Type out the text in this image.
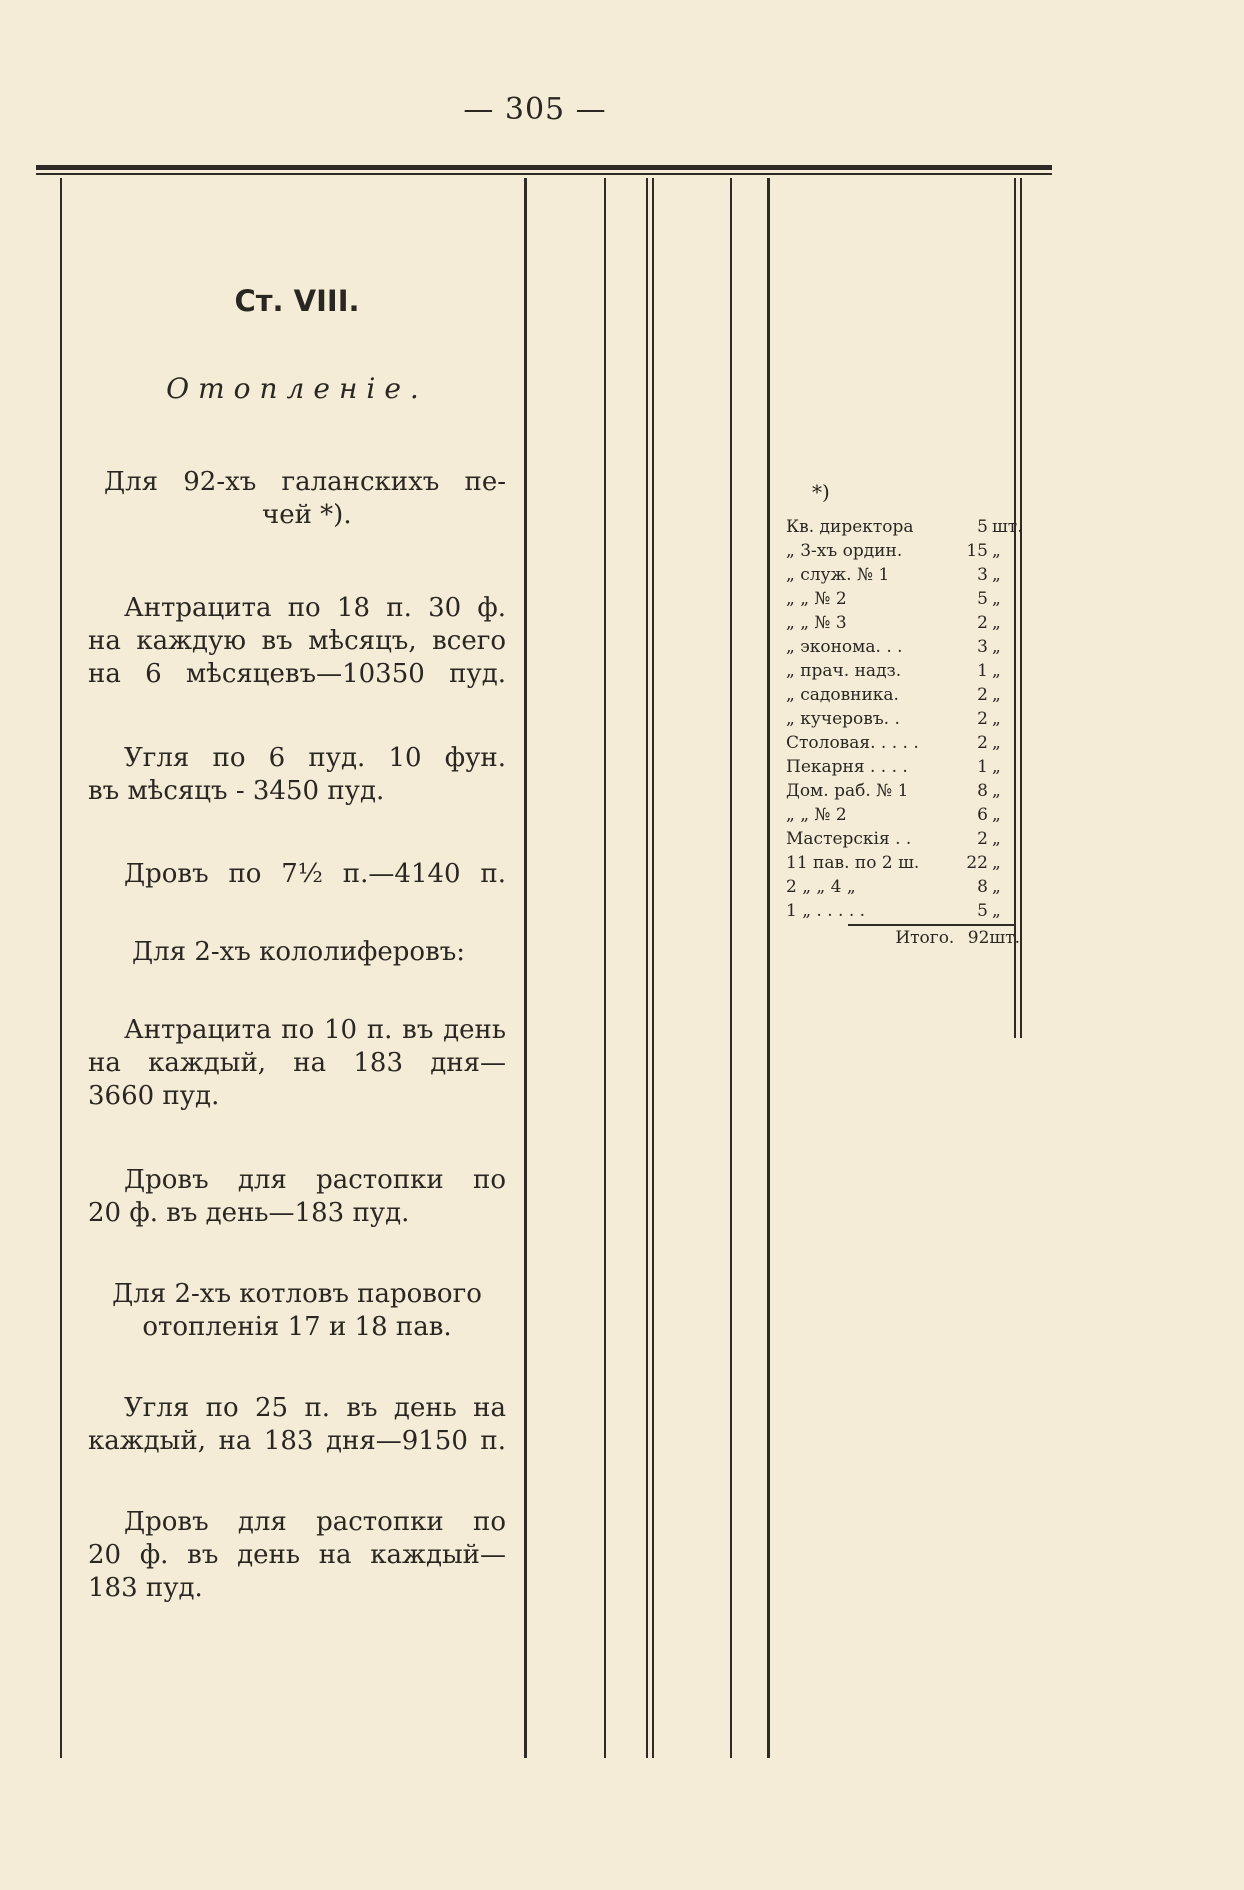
— 305 —
Ст. VIII.
Отопленіе.
Для 92-хъ галанскихъ пе-
чей *).
Антрацита по 18 п. 30 ф.
на каждую въ мѣсяцъ, всего
на 6 мѣсяцевъ—10350 пуд.
Угля по 6 пуд. 10 фун.
въ мѣсяцъ - 3450 пуд.
Дровъ по 7½ п.—4140 п.
Для 2-хъ кололиферовъ:
Антрацита по 10 п. въ день
на каждый, на 183 дня—
3660 пуд.
Дровъ для растопки по
20 ф. въ день—183 пуд.
Для 2-хъ котловъ парового
отопленія 17 и 18 пав.
Угля по 25 п. въ день на
каждый, на 183 дня—9150 п.
Дровъ для растопки по
20 ф. въ день на каждый—
183 пуд.
*)
Кв. директора	5 шт.
„ 3-хъ ордин.	15 „
„ служ. № 1	3 „
„ „ № 2	5 „
„ „ № 3	2 „
„ эконома. . .	3 „
„ прач. надз.	1 „
„ садовника.	2 „
„ кучеровъ. .	2 „
Столовая. . . . .	2 „
Пекарня . . . .	1 „
Дом. раб. № 1	8 „
„ „ № 2	6 „
Мастерскія . .	2 „
11 пав. по 2 ш.	22 „
2 „ „ 4 „	8 „
1 „ . . . . .	5 „
Итого. 92шт.
